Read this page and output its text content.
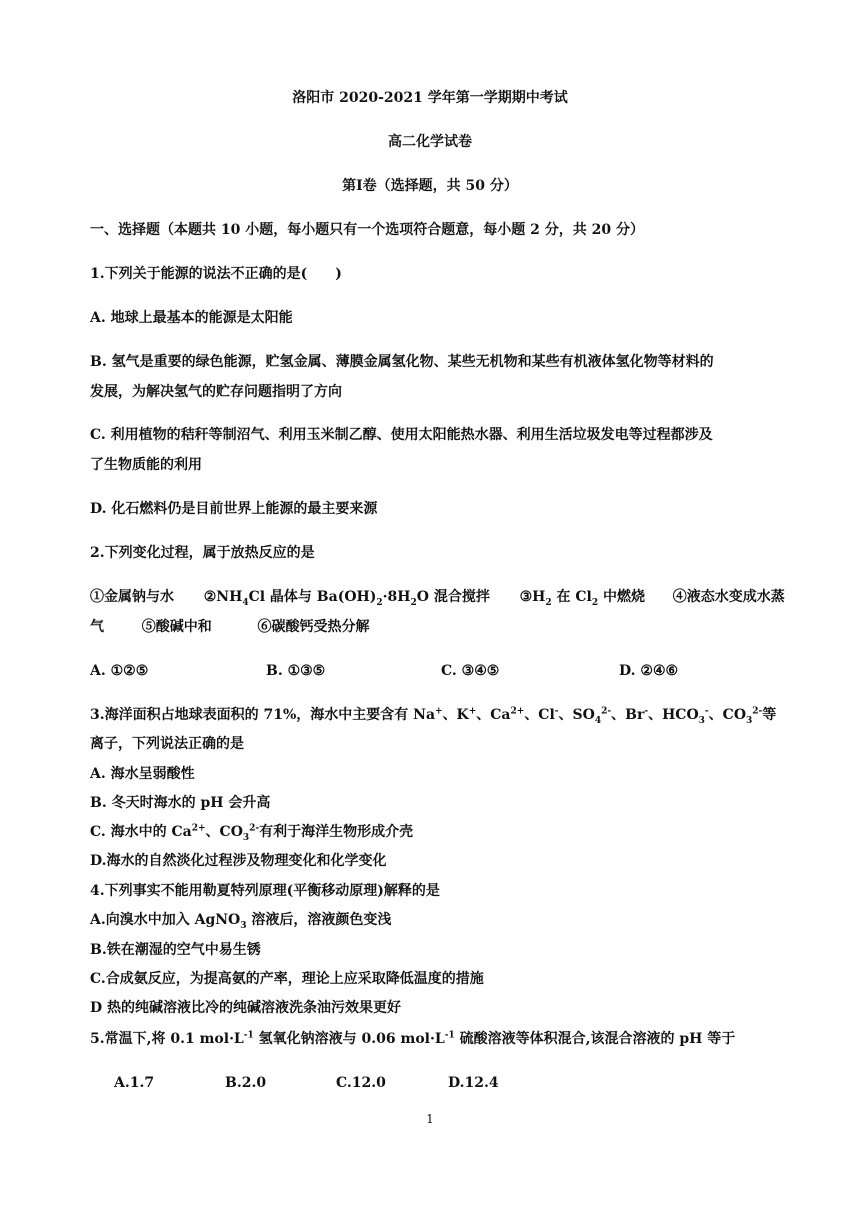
洛阳市 2020-2021 学年第一学期期中考试
高二化学试卷
第Ⅰ卷（选择题，共 50 分）
一、选择题（本题共 10 小题，每小题只有一个选项符合题意，每小题 2 分，共 20 分）
1.下列关于能源的说法不正确的是(　　)
A. 地球上最基本的能源是太阳能
B. 氢气是重要的绿色能源，贮氢金属、薄膜金属氢化物、某些无机物和某些有机液体氢化物等材料的
发展，为解决氢气的贮存问题指明了方向
C. 利用植物的秸秆等制沼气、利用玉米制乙醇、使用太阳能热水器、利用生活垃圾发电等过程都涉及
了生物质能的利用
D. 化石燃料仍是目前世界上能源的最主要来源
2.下列变化过程，属于放热反应的是
①金属钠与水 $②NH_4Cl$ 晶体与 $Ba(OH)_2\cdot 8H_2O$ 混合搅拌 $③H_2$ 在 $Cl_2$ 中燃烧 ④液态水变成水蒸
气	⑤酸碱中和	⑥碳酸钙受热分解
A. ①②⑤	B. ①③⑤	C. ③④⑤	D. ②④⑥
3.海洋面积占地球表面积的 71%，海水中主要含有 Na+、K+、$Ca^{2+}$、Cl-、$SO_4^{2-}$、Br-、$HCO_3^-$、$CO_3^{2-}$等
离子，下列说法正确的是
A. 海水呈弱酸性
B. 冬天时海水的 pH 会升高
C. 海水中的 $Ca^{2+}$、$CO_3^{2-}$有利于海洋生物形成介壳
D.海水的自然淡化过程涉及物理变化和化学变化
4.下列事实不能用勒夏特列原理(平衡移动原理)解释的是
A.向溴水中加入 AgNO$_3$ 溶液后，溶液颜色变浅
B.铁在潮湿的空气中易生锈
C.合成氨反应，为提高氨的产率，理论上应采取降低温度的措施
D 热的纯碱溶液比冷的纯碱溶液洗条油污效果更好
5.常温下,将 0.1 $mol\cdot L^{-1}$ 氢氧化钠溶液与 0.06 $mol\cdot L^{-1}$ 硫酸溶液等体积混合,该混合溶液的 pH 等于
A.1.7	B.2.0	C.12.0	D.12.4
1
